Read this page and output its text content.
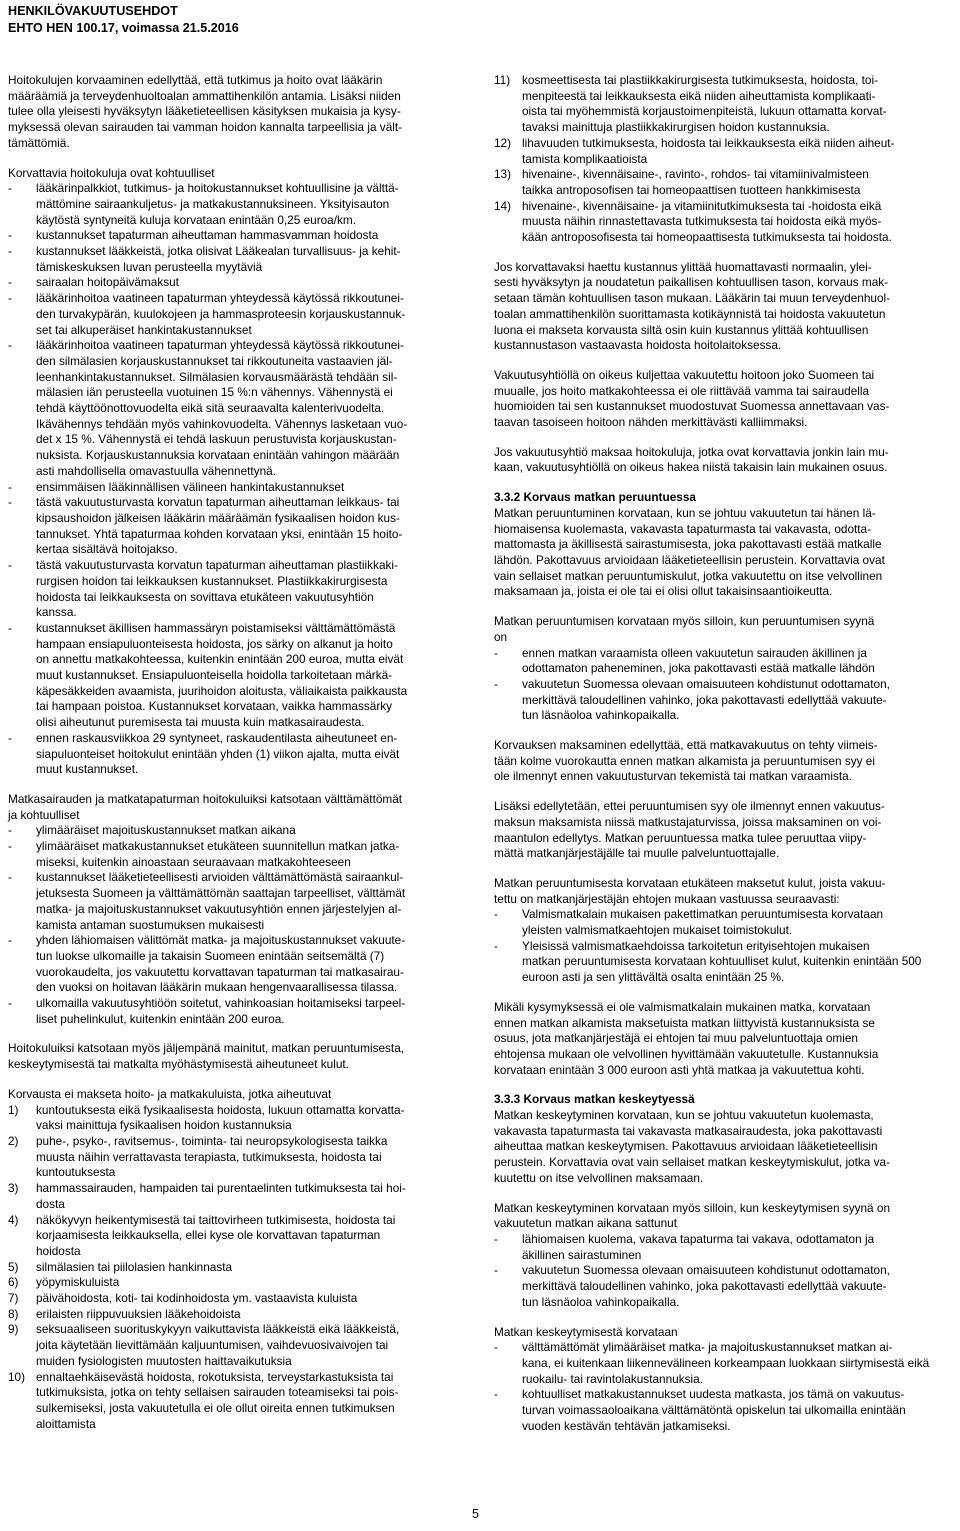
HENKILÖVAKUUTUSEHDOT
EHTO HEN 100.17, voimassa 21.5.2016
Hoitokulujen korvaaminen edellyttää, että tutkimus ja hoito ovat lääkärin
määräämiä ja terveydenhuoltoalan ammattihenkilön antamia. Lisäksi niiden
tulee olla yleisesti hyväksytyn lääketieteellisen käsityksen mukaisia ja kysy-
myksessä olevan sairauden tai vamman hoidon kannalta tarpeellisia ja vält-
tämättömiä.
Korvattavia hoitokuluja ovat kohtuulliset
- lääkärinpalkkiot, tutkimus- ja hoitokustannukset kohtuullisine ja välttä-
mättömine sairaankuljetus- ja matkakustannuksineen. Yksityisauton
käytöstä syntyneitä kuluja korvataan enintään 0,25 euroa/km.
- kustannukset tapaturman aiheuttaman hammasvamman hoidosta
- kustannukset lääkkeistä, jotka olisivat Lääkealan turvallisuus- ja kehit-
tämiskeskuksen luvan perusteella myytäviä
- sairaalan hoitopäivämaksut
- lääkärinhoitoa vaatineen tapaturman yhteydessä käytössä rikkoutunei-
den turvakypärän, kuulokojeen ja hammasproteesin korjauskustannuk-
set tai alkuperäiset hankintakustannukset
- lääkärinhoitoa vaatineen tapaturman yhteydessä käytössä rikkoutunei-
den silmälasien korjauskustannukset tai rikkoutuneita vastaavien jäl-
leenhankintakustannukset. Silmälasien korvausmäärästä tehdään sil-
mälasien iän perusteella vuotuinen 15 %:n vähennys. Vähennystä ei
tehdä käyttöönottovuodelta eikä sitä seuraavalta kalenterivuodelta.
Ikävähennys tehdään myös vahinkovuodelta. Vähennys lasketaan vuo-
det x 15 %. Vähennystä ei tehdä laskuun perustuvista korjauskustan-
nuksista. Korjauskustannuksia korvataan enintään vahingon määrään
asti mahdollisella omavastuulla vähennettynä.
- ensimmäisen lääkinnällisen välineen hankintakustannukset
- tästä vakuutusturvasta korvatun tapaturman aiheuttaman leikkaus- tai
kipsaushoidon jälkeisen lääkärin määräämän fysikaalisen hoidon kus-
tannukset. Yhtä tapaturmaa kohden korvataan yksi, enintään 15 hoito-
kertaa sisältävä hoitojakso.
- tästä vakuutusturvasta korvatun tapaturman aiheuttaman plastiikkaki-
rurgisen hoidon tai leikkauksen kustannukset. Plastiikkakirurgisesta
hoidosta tai leikkauksesta on sovittava etukäteen vakuutusyhtiön
kanssa.
- kustannukset äkillisen hammassäryn poistamiseksi välttämättömästä
hampaan ensiapuluonteisesta hoidosta, jos särky on alkanut ja hoito
on annettu matkakohteessa, kuitenkin enintään 200 euroa, mutta eivät
muut kustannukset. Ensiapuluonteisella hoidolla tarkoitetaan märkä-
käpesäkkeiden avaamista, juurihoidon aloitusta, väliaikaista paikkausta
tai hampaan poistoa. Kustannukset korvataan, vaikka hammassärky
olisi aiheutunut puremisesta tai muusta kuin matkasairaudesta.
- ennen raskausviikkoa 29 syntyneet, raskaudentilasta aiheutuneet en-
siapuluonteiset hoitokulut enintään yhden (1) viikon ajalta, mutta eivät
muut kustannukset.
Matkasairauden ja matkatapaturman hoitokuluiksi katsotaan välttämättömät
ja kohtuulliset
- ylimääräiset majoituskustannukset matkan aikana
- ylimääräiset matkakustannukset etukäteen suunnitellun matkan jatka-
miseksi, kuitenkin ainoastaan seuraavaan matkakohteeseen
- kustannukset lääketieteellisesti arvioiden välttämättömästä sairaankul-
jetuksesta Suomeen ja välttämättömän saattajan tarpeelliset, välttämät
matka- ja majoituskustannukset vakuutusyhtiön ennen järjestelyjen al-
kamista antaman suostumuksen mukaisesti
- yhden lähiomaisen välittömät matka- ja majoituskustannukset vakuute-
tun luokse ulkomaille ja takaisin Suomeen enintään seitsemältä (7)
vuorokaudelta, jos vakuutettu korvattavan tapaturman tai matkasairau-
den vuoksi on hoitavan lääkärin mukaan hengenvaarallisessa tilassa.
- ulkomailla vakuutusyhtiöön soitetut, vahinkoasian hoitamiseksi tarpeel-
liset puhelinkulut, kuitenkin enintään 200 euroa.
Hoitokuluiksi katsotaan myös jäljempänä mainitut, matkan peruuntumisesta,
keskeytymisestä tai matkalta myöhästymisestä aiheutuneet kulut.
Korvausta ei makseta hoito- ja matkakuluista, jotka aiheutuvat
1) kuntoutuksesta eikä fysikaalisesta hoidosta, lukuun ottamatta korvatta-
vaksi mainittuja fysikaalisen hoidon kustannuksia
2) puhe-, psyko-, ravitsemus-, toiminta- tai neuropsykologisesta taikka
muusta näihin verrattavasta terapiasta, tutkimuksesta, hoidosta tai
kuntoutuksesta
3) hammassairauden, hampaiden tai purentaelinten tutkimuksesta tai hoi-
dosta
4) näkökyvyn heikentymisestä tai taittovirheen tutkimisesta, hoidosta tai
korjaamisesta leikkauksella, ellei kyse ole korvattavan tapaturman
hoidosta
5) silmälasien tai piilolasien hankinnasta
6) yöpymiskuluista
7) päivähoidosta, koti- tai kodinhoidosta ym. vastaavista kuluista
8) erilaisten riippuvuuksien lääkehoidoista
9) seksuaaliseen suorituskykyyn vaikuttavista lääkkeistä eikä lääkkeistä,
joita käytetään lievittämään kaljuuntumisen, vaihdevuosivaivojen tai
muiden fysiologisten muutosten haittavaikutuksia
10) ennaltaehkäisevästä hoidosta, rokotuksista, terveystarkastuksista tai
tutkimuksista, jotka on tehty sellaisen sairauden toteamiseksi tai pois-
sulkemiseksi, josta vakuutetulla ei ole ollut oireita ennen tutkimuksen
aloittamista
11) kosmeettisesta tai plastiikkakirurgisesta tutkimuksesta, hoidosta, toi-
menpiteestä tai leikkauksesta eikä niiden aiheuttamista komplikaati-
oista tai myöhemmistä korjaustoimenpiteistä, lukuun ottamatta korvat-
tavaksi mainittuja plastiikkakirurgisen hoidon kustannuksia.
12) lihavuuden tutkimuksesta, hoidosta tai leikkauksesta eikä niiden aiheut-
tamista komplikaatioista
13) hivenaine-, kivennäisaine-, ravinto-, rohdos- tai vitamiinivalmisteen
taikka antroposofisen tai homeopaattisen tuotteen hankkimisesta
14) hivenaine-, kivennäisaine- ja vitamiinitutkimuksesta tai -hoidosta eikä
muusta näihin rinnastettavasta tutkimuksesta tai hoidosta eikä myös-
kään antroposofisesta tai homeopaattisesta tutkimuksesta tai hoidosta.
Jos korvattavaksi haettu kustannus ylittää huomattavasti normaalin, ylei-
sesti hyväksytyn ja noudatetun paikallisen kohtuullisen tason, korvaus mak-
setaan tämän kohtuullisen tason mukaan. Lääkärin tai muun terveydenhuol-
toalan ammattihenkilön suorittamasta kotikäynnistä tai hoidosta vakuutetun
luona ei makseta korvausta siltä osin kuin kustannus ylittää kohtuullisen
kustannustason vastaavasta hoidosta hoitolaitoksessa.
Vakuutusyhtiöllä on oikeus kuljettaa vakuutettu hoitoon joko Suomeen tai
muualle, jos hoito matkakohteessa ei ole riittävää vamma tai sairaudella
huomioiden tai sen kustannukset muodostuvat Suomessa annettavaan vas-
taavan tasoiseen hoitoon nähden merkittävästi kalliimmaksi.
Jos vakuutusyhtiö maksaa hoitokuluja, jotka ovat korvattavia jonkin lain mu-
kaan, vakuutusyhtiöllä on oikeus hakea niistä takaisin lain mukainen osuus.
3.3.2 Korvaus matkan peruuntuessa
Matkan peruuntuminen korvataan, kun se johtuu vakuutetun tai hänen lä-
hiomaisensa kuolemasta, vakavasta tapaturmasta tai vakavasta, odotta-
mattomasta ja äkillisestä sairastumisesta, joka pakottavasti estää matkalle
lähdön. Pakottavuus arvioidaan lääketieteellisin perustein. Korvattavia ovat
vain sellaiset matkan peruuntumiskulut, jotka vakuutettu on itse velvollinen
maksamaan ja, joista ei ole tai ei olisi ollut takaisinsaantioikeutta.
Matkan peruuntumisen korvataan myös silloin, kun peruuntumisen syynä
on
- ennen matkan varaamista olleen vakuutetun sairauden äkillinen ja
odottamaton paheneminen, joka pakottavasti estää matkalle lähdön
- vakuutetun Suomessa olevaan omaisuuteen kohdistunut odottamaton,
merkittävä taloudellinen vahinko, joka pakottavasti edellyttää vakuute-
tun läsnäoloa vahinkopaikalla.
Korvauksen maksaminen edellyttää, että matkavakuutus on tehty viimeis-
tään kolme vuorokautta ennen matkan alkamista ja peruuntumisen syy ei
ole ilmennyt ennen vakuutusturvan tekemistä tai matkan varaamista.
Lisäksi edellytetään, ettei peruuntumisen syy ole ilmennyt ennen vakuutus-
maksun maksamista niissä matkustajaturvissa, joissa maksaminen on voi-
maantulon edellytys. Matkan peruuntuessa matka tulee peruuttaa viipy-
mättä matkanjärjestäjälle tai muulle palveluntuottajalle.
Matkan peruuntumisesta korvataan etukäteen maksetut kulut, joista vakuu-
tettu on matkanjärjestäjän ehtojen mukaan vastuussa seuraavasti:
- Valmismatkalain mukaisen pakettimatkan peruuntumisesta korvataan
yleisten valmismatkaehtojen mukaiset toimistokulut.
- Yleisissä valmismatkaehdoissa tarkoitetun erityisehtojen mukaisen
matkan peruuntumisesta korvataan kohtuulliset kulut, kuitenkin enintään 500
euroon asti ja sen ylittävältä osalta enintään 25 %.
Mikäli kysymyksessä ei ole valmismatkalain mukainen matka, korvataan
ennen matkan alkamista maksetuista matkan liittyvistä kustannuksista se
osuus, jota matkanjärjestäjä ei ehtojen tai muu palveluntuottaja omien
ehtojensa mukaan ole velvollinen hyvittämään vakuutetulle. Kustannuksia
korvataan enintään 3 000 euroon asti yhtä matkaa ja vakuutettua kohti.
3.3.3 Korvaus matkan keskeytyessä
Matkan keskeytyminen korvataan, kun se johtuu vakuutetun kuolemasta,
vakavasta tapaturmasta tai vakavasta matkasairaudesta, joka pakottavasti
aiheuttaa matkan keskeytymisen. Pakottavuus arvioidaan lääketieteellisin
perustein. Korvattavia ovat vain sellaiset matkan keskeytymiskulut, jotka va-
kuutettu on itse velvollinen maksamaan.
Matkan keskeytyminen korvataan myös silloin, kun keskeytymisen syynä on
vakuutetun matkan aikana sattunut
- lähiomaisen kuolema, vakava tapaturma tai vakava, odottamaton ja
äkillinen sairastuminen
- vakuutetun Suomessa olevaan omaisuuteen kohdistunut odottamaton,
merkittävä taloudellinen vahinko, joka pakottavasti edellyttää vakuute-
tun läsnäoloa vahinkopaikalla.
Matkan keskeytymisestä korvataan
- välttämättömät ylimääräiset matka- ja majoituskustannukset matkan ai-
kana, ei kuitenkaan liikennevälineen korkeampaan luokkaan siirtymisestä eikä
ruokailu- tai ravintolakustannuksia.
- kohtuulliset matkakustannukset uudesta matkasta, jos tämä on vakuutus-
turvan voimassaoloaikana välttämätöntä opiskelun tai ulkomailla enintään
vuoden kestävän tehtävän jatkamiseksi.
5
